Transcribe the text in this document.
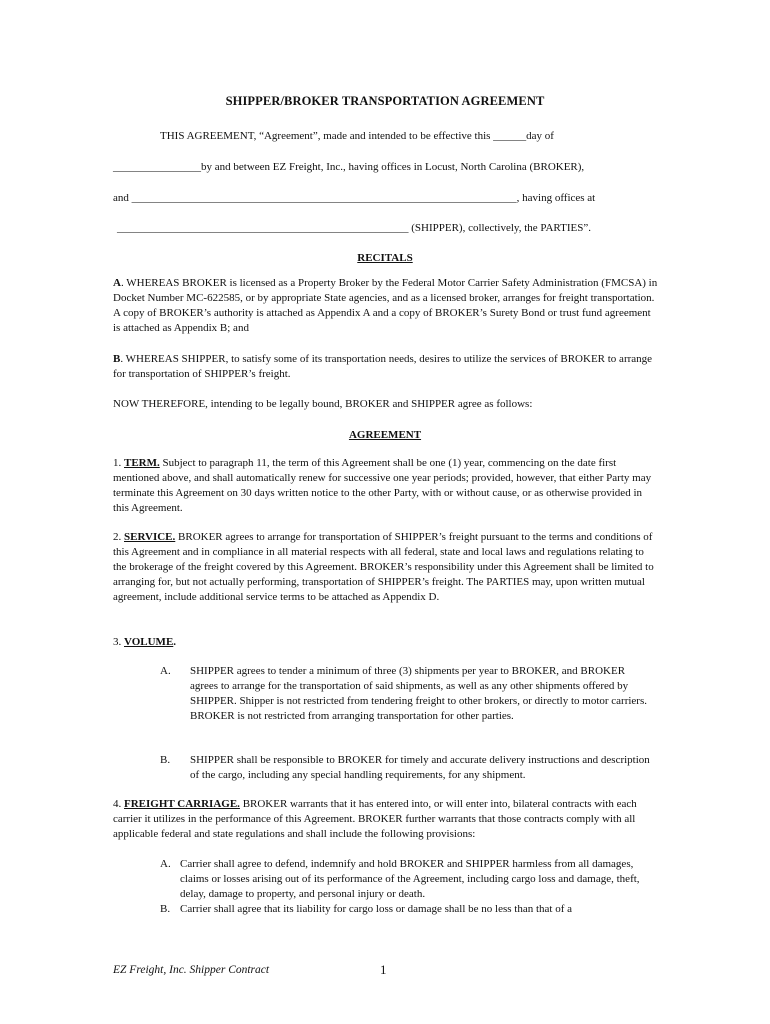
SHIPPER/BROKER TRANSPORTATION AGREEMENT
THIS AGREEMENT, “Agreement”, made and intended to be effective this ______day of
________________by and between EZ Freight, Inc., having offices in Locust, North Carolina (BROKER),
and ______________________________________________________________________, having offices at
_____________________________________________________ (SHIPPER), collectively, the PARTIES”.
RECITALS
A. WHEREAS BROKER is licensed as a Property Broker by the Federal Motor Carrier Safety Administration (FMCSA) in Docket Number MC-622585, or by appropriate State agencies, and as a licensed broker, arranges for freight transportation. A copy of BROKER’s authority is attached as Appendix A and a copy of BROKER’s Surety Bond or trust fund agreement is attached as Appendix B; and
B. WHEREAS SHIPPER, to satisfy some of its transportation needs, desires to utilize the services of BROKER to arrange for transportation of SHIPPER’s freight.
NOW THEREFORE, intending to be legally bound, BROKER and SHIPPER agree as follows:
AGREEMENT
1. TERM. Subject to paragraph 11, the term of this Agreement shall be one (1) year, commencing on the date first mentioned above, and shall automatically renew for successive one year periods; provided, however, that either Party may terminate this Agreement on 30 days written notice to the other Party, with or without cause, or as otherwise provided in this Agreement.
2. SERVICE. BROKER agrees to arrange for transportation of SHIPPER’s freight pursuant to the terms and conditions of this Agreement and in compliance in all material respects with all federal, state and local laws and regulations relating to the brokerage of the freight covered by this Agreement. BROKER’s responsibility under this Agreement shall be limited to arranging for, but not actually performing, transportation of SHIPPER’s freight. The PARTIES may, upon written mutual agreement, include additional service terms to be attached as Appendix D.
3. VOLUME.
A. SHIPPER agrees to tender a minimum of three (3) shipments per year to BROKER, and BROKER agrees to arrange for the transportation of said shipments, as well as any other shipments offered by SHIPPER. Shipper is not restricted from tendering freight to other brokers, or directly to motor carriers. BROKER is not restricted from arranging transportation for other parties.
B. SHIPPER shall be responsible to BROKER for timely and accurate delivery instructions and description of the cargo, including any special handling requirements, for any shipment.
4. FREIGHT CARRIAGE. BROKER warrants that it has entered into, or will enter into, bilateral contracts with each carrier it utilizes in the performance of this Agreement. BROKER further warrants that those contracts comply with all applicable federal and state regulations and shall include the following provisions:
A. Carrier shall agree to defend, indemnify and hold BROKER and SHIPPER harmless from all damages, claims or losses arising out of its performance of the Agreement, including cargo loss and damage, theft, delay, damage to property, and personal injury or death.
B. Carrier shall agree that its liability for cargo loss or damage shall be no less than that of a
EZ Freight, Inc. Shipper Contract	1
